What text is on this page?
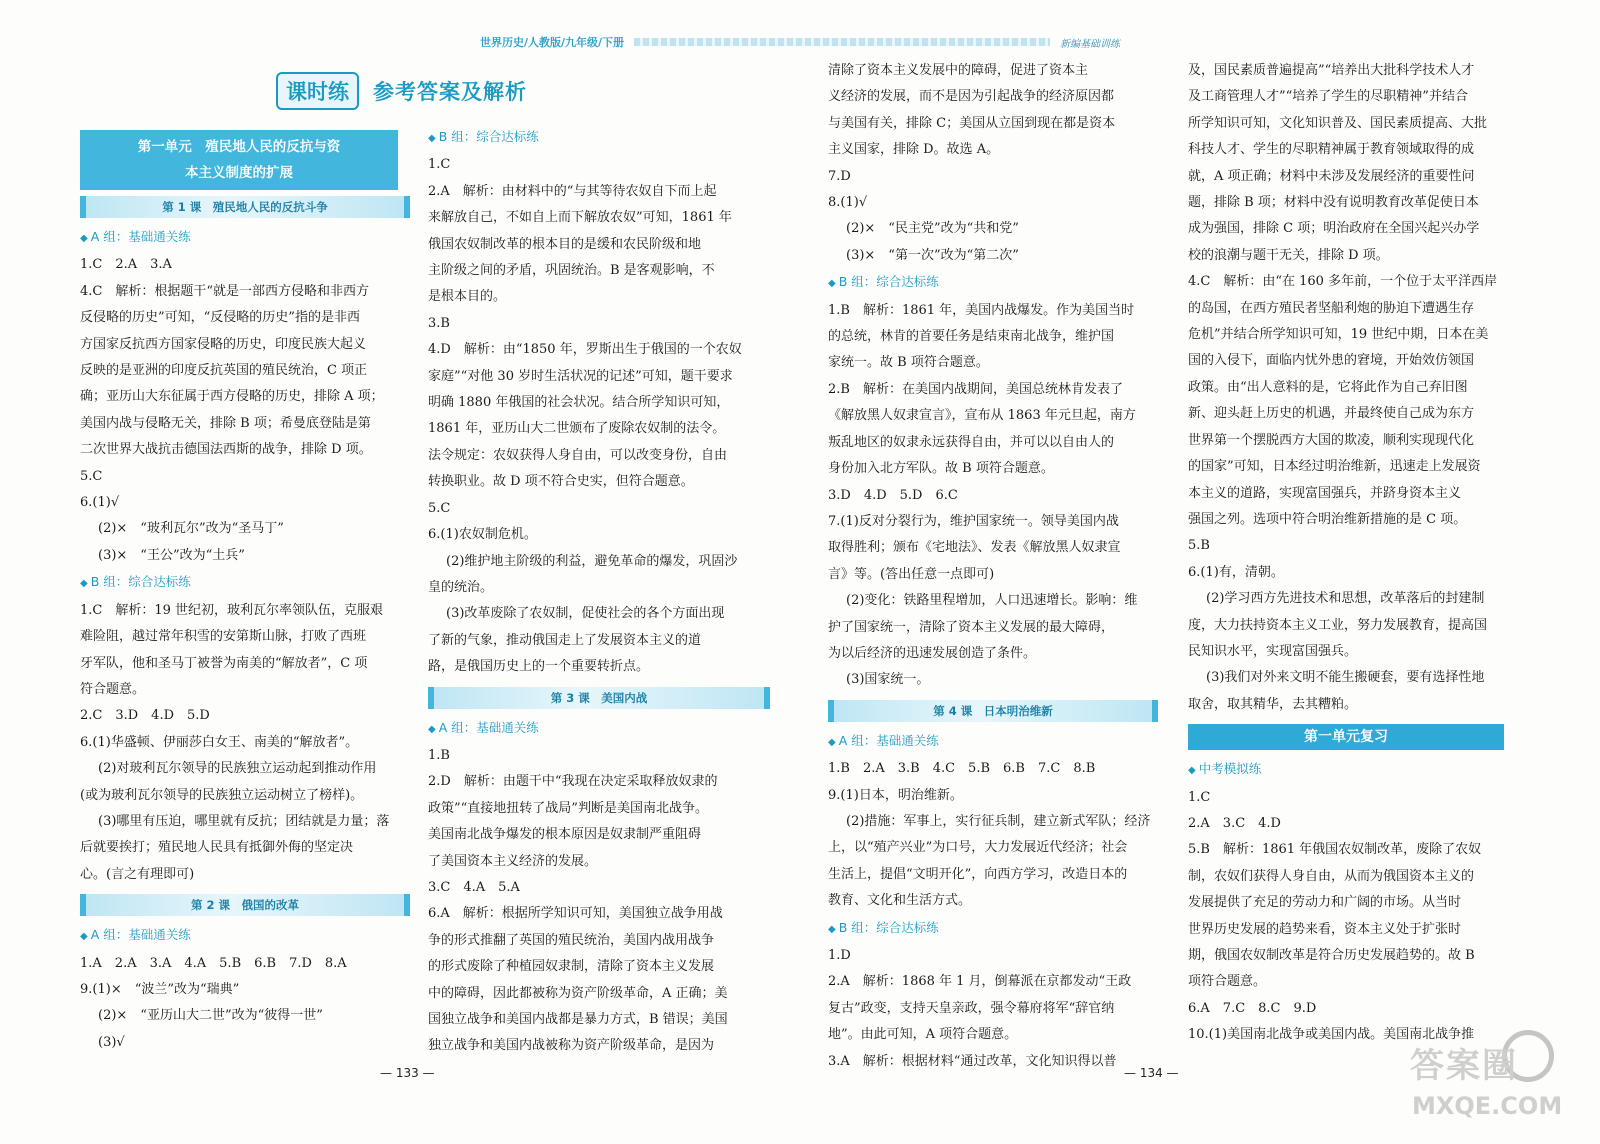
世界历史/人教版/九年级/下册	新编基础训练
课时练	参考答案及解析
第一单元　殖民地人民的反抗与资
本主义制度的扩展
第 1 课　殖民地人民的反抗斗争
◆ A 组：基础通关练
1.C　2.A　3.A
4.C　解析：根据题干“就是一部西方侵略和非西方
反侵略的历史”可知，“反侵略的历史”指的是非西
方国家反抗西方国家侵略的历史，印度民族大起义
反映的是亚洲的印度反抗英国的殖民统治，C 项正
确；亚历山大东征属于西方侵略的历史，排除 A 项；
美国内战与侵略无关，排除 B 项；希曼底登陆是第
二次世界大战抗击德国法西斯的战争，排除 D 项。
5.C
6.(1)√
(2)×　“玻利瓦尔”改为“圣马丁”
(3)×　“王公”改为“土兵”
◆ B 组：综合达标练
1.C　解析：19 世纪初，玻利瓦尔率领队伍，克服艰
难险阻，越过常年积雪的安第斯山脉，打败了西班
牙军队，他和圣马丁被誉为南美的“解放者”，C 项
符合题意。
2.C　3.D　4.D　5.D
6.(1)华盛顿、伊丽莎白女王、南美的“解放者”。
(2)对玻利瓦尔领导的民族独立运动起到推动作用
(或为玻利瓦尔领导的民族独立运动树立了榜样)。
(3)哪里有压迫，哪里就有反抗；团结就是力量；落
后就要挨打；殖民地人民具有抵御外侮的坚定决
心。(言之有理即可)
第 2 课　俄国的改革
◆ A 组：基础通关练
1.A　2.A　3.A　4.A　5.B　6.B　7.D　8.A
9.(1)×　“波兰”改为“瑞典”
(2)×　“亚历山大二世”改为“彼得一世”
(3)√
◆ B 组：综合达标练
1.C
2.A　解析：由材料中的“与其等待农奴自下而上起
来解放自己，不如自上而下解放农奴”可知，1861 年
俄国农奴制改革的根本目的是缓和农民阶级和地
主阶级之间的矛盾，巩固统治。B 是客观影响，不
是根本目的。
3.B
4.D　解析：由“1850 年，罗斯出生于俄国的一个农奴
家庭”“对他 30 岁时生活状况的记述”可知，题干要求
明确 1880 年俄国的社会状况。结合所学知识可知，
1861 年，亚历山大二世颁布了废除农奴制的法令。
法令规定：农奴获得人身自由，可以改变身份，自由
转换职业。故 D 项不符合史实，但符合题意。
5.C
6.(1)农奴制危机。
(2)维护地主阶级的利益，避免革命的爆发，巩固沙
皇的统治。
(3)改革废除了农奴制，促使社会的各个方面出现
了新的气象，推动俄国走上了发展资本主义的道
路，是俄国历史上的一个重要转折点。
第 3 课　美国内战
◆ A 组：基础通关练
1.B
2.D　解析：由题干中“我现在决定采取释放奴隶的
政策”“直接地扭转了战局”判断是美国南北战争。
美国南北战争爆发的根本原因是奴隶制严重阻碍
了美国资本主义经济的发展。
3.C　4.A　5.A
6.A　解析：根据所学知识可知，美国独立战争用战
争的形式推翻了英国的殖民统治，美国内战用战争
的形式废除了种植园奴隶制，清除了资本主义发展
中的障碍，因此都被称为资产阶级革命，A 正确；美
国独立战争和美国内战都是暴力方式，B 错误；美国
独立战争和美国内战被称为资产阶级革命，是因为
清除了资本主义发展中的障碍，促进了资本主
义经济的发展，而不是因为引起战争的经济原因都
与美国有关，排除 C；美国从立国到现在都是资本
主义国家，排除 D。故选 A。
7.D
8.(1)√
(2)×　“民主党”改为“共和党”
(3)×　“第一次”改为“第二次”
◆ B 组：综合达标练
1.B　解析：1861 年，美国内战爆发。作为美国当时
的总统，林肯的首要任务是结束南北战争，维护国
家统一。故 B 项符合题意。
2.B　解析：在美国内战期间，美国总统林肯发表了
《解放黑人奴隶宣言》，宣布从 1863 年元旦起，南方
叛乱地区的奴隶永远获得自由，并可以以自由人的
身份加入北方军队。故 B 项符合题意。
3.D　4.D　5.D　6.C
7.(1)反对分裂行为，维护国家统一。领导美国内战
取得胜利；颁布《宅地法》、发表《解放黑人奴隶宣
言》等。(答出任意一点即可)
(2)变化：铁路里程增加，人口迅速增长。影响：维
护了国家统一，清除了资本主义发展的最大障碍，
为以后经济的迅速发展创造了条件。
(3)国家统一。
第 4 课　日本明治维新
◆ A 组：基础通关练
1.B　2.A　3.B　4.C　5.B　6.B　7.C　8.B
9.(1)日本，明治维新。
(2)措施：军事上，实行征兵制，建立新式军队；经济
上，以“殖产兴业”为口号，大力发展近代经济；社会
生活上，提倡“文明开化”，向西方学习，改造日本的
教育、文化和生活方式。
◆ B 组：综合达标练
1.D
2.A　解析：1868 年 1 月，倒幕派在京都发动“王政
复古”政变，支持天皇亲政，强令幕府将军“辞官纳
地”。由此可知，A 项符合题意。
3.A　解析：根据材料“通过改革，文化知识得以普
及，国民素质普遍提高”“培养出大批科学技术人才
及工商管理人才”“培养了学生的尽职精神”并结合
所学知识可知，文化知识普及、国民素质提高、大批
科技人才、学生的尽职精神属于教育领域取得的成
就，A 项正确；材料中未涉及发展经济的重要性问
题，排除 B 项；材料中没有说明教育改革促使日本
成为强国，排除 C 项；明治政府在全国兴起兴办学
校的浪潮与题干无关，排除 D 项。
4.C　解析：由“在 160 多年前，一个位于太平洋西岸
的岛国，在西方殖民者坚船利炮的胁迫下遭遇生存
危机”并结合所学知识可知，19 世纪中期，日本在美
国的入侵下，面临内忧外患的窘境，开始效仿领国
政策。由“出人意料的是，它将此作为自己弃旧图
新、迎头赶上历史的机遇，并最终使自己成为东方
世界第一个摆脱西方大国的欺凌，顺利实现现代化
的国家”可知，日本经过明治维新，迅速走上发展资
本主义的道路，实现富国强兵，并跻身资本主义
强国之列。选项中符合明治维新措施的是 C 项。
5.B
6.(1)有，清朝。
(2)学习西方先进技术和思想，改革落后的封建制
度，大力扶持资本主义工业，努力发展教育，提高国
民知识水平，实现富国强兵。
(3)我们对外来文明不能生搬硬套，要有选择性地
取舍，取其精华，去其糟粕。
第一单元复习
◆ 中考模拟练
1.C
2.A　3.C　4.D
5.B　解析：1861 年俄国农奴制改革，废除了农奴
制，农奴们获得人身自由，从而为俄国资本主义的
发展提供了充足的劳动力和广阔的市场。从当时
世界历史发展的趋势来看，资本主义处于扩张时
期，俄国农奴制改革是符合历史发展趋势的。故 B
项符合题意。
6.A　7.C　8.C　9.D
10.(1)美国南北战争或美国内战。美国南北战争推
— 133 —	— 134 —	答案圈
MXQE.COM
